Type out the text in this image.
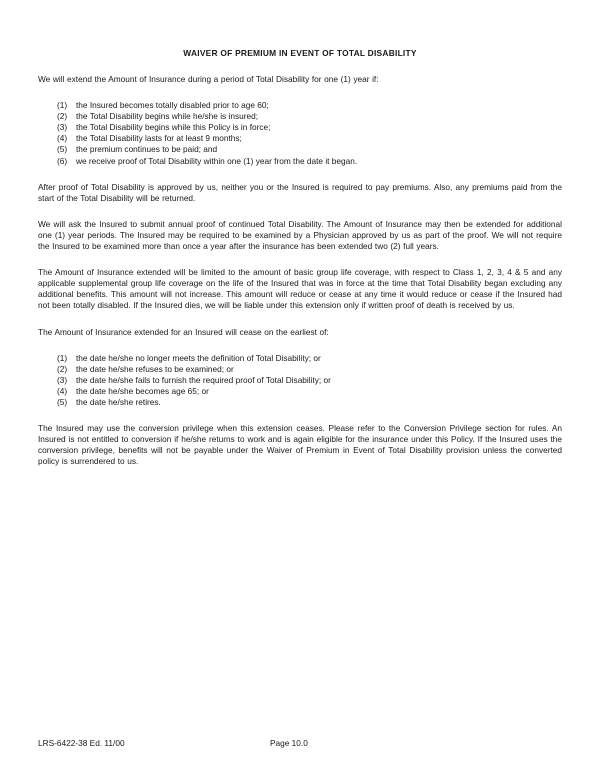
WAIVER OF PREMIUM IN EVENT OF TOTAL DISABILITY

We will extend the Amount of Insurance during a period of Total Disability for one (1) year if:

(1)	the Insured becomes totally disabled prior to age 60;
(2)	the Total Disability begins while he/she is insured;
(3)	the Total Disability begins while this Policy is in force;
(4)	the Total Disability lasts for at least 9 months;
(5)	the premium continues to be paid; and
(6)	we receive proof of Total Disability within one (1) year from the date it began.

After proof of Total Disability is approved by us, neither you or the Insured is required to pay premiums. Also, any premiums paid from the start of the Total Disability will be returned.

We will ask the Insured to submit annual proof of continued Total Disability. The Amount of Insurance may then be extended for additional one (1) year periods. The Insured may be required to be examined by a Physician approved by us as part of the proof. We will not require the Insured to be examined more than once a year after the insurance has been extended two (2) full years.

The Amount of Insurance extended will be limited to the amount of basic group life coverage, with respect to Class 1, 2, 3, 4 & 5 and any applicable supplemental group life coverage on the life of the Insured that was in force at the time that Total Disability began excluding any additional benefits. This amount will not increase. This amount will reduce or cease at any time it would reduce or cease if the Insured had not been totally disabled. If the Insured dies, we will be liable under this extension only if written proof of death is received by us.

The Amount of Insurance extended for an Insured will cease on the earliest of:

(1)	the date he/she no longer meets the definition of Total Disability; or
(2)	the date he/she refuses to be examined; or
(3)	the date he/she fails to furnish the required proof of Total Disability; or
(4)	the date he/she becomes age 65; or
(5)	the date he/she retires.

The Insured may use the conversion privilege when this extension ceases. Please refer to the Conversion Privilege section for rules. An Insured is not entitled to conversion if he/she returns to work and is again eligible for the insurance under this Policy. If the Insured uses the conversion privilege, benefits will not be payable under the Waiver of Premium in Event of Total Disability provision unless the converted policy is surrendered to us.

LRS-6422-38 Ed. 11/00	Page 10.0
